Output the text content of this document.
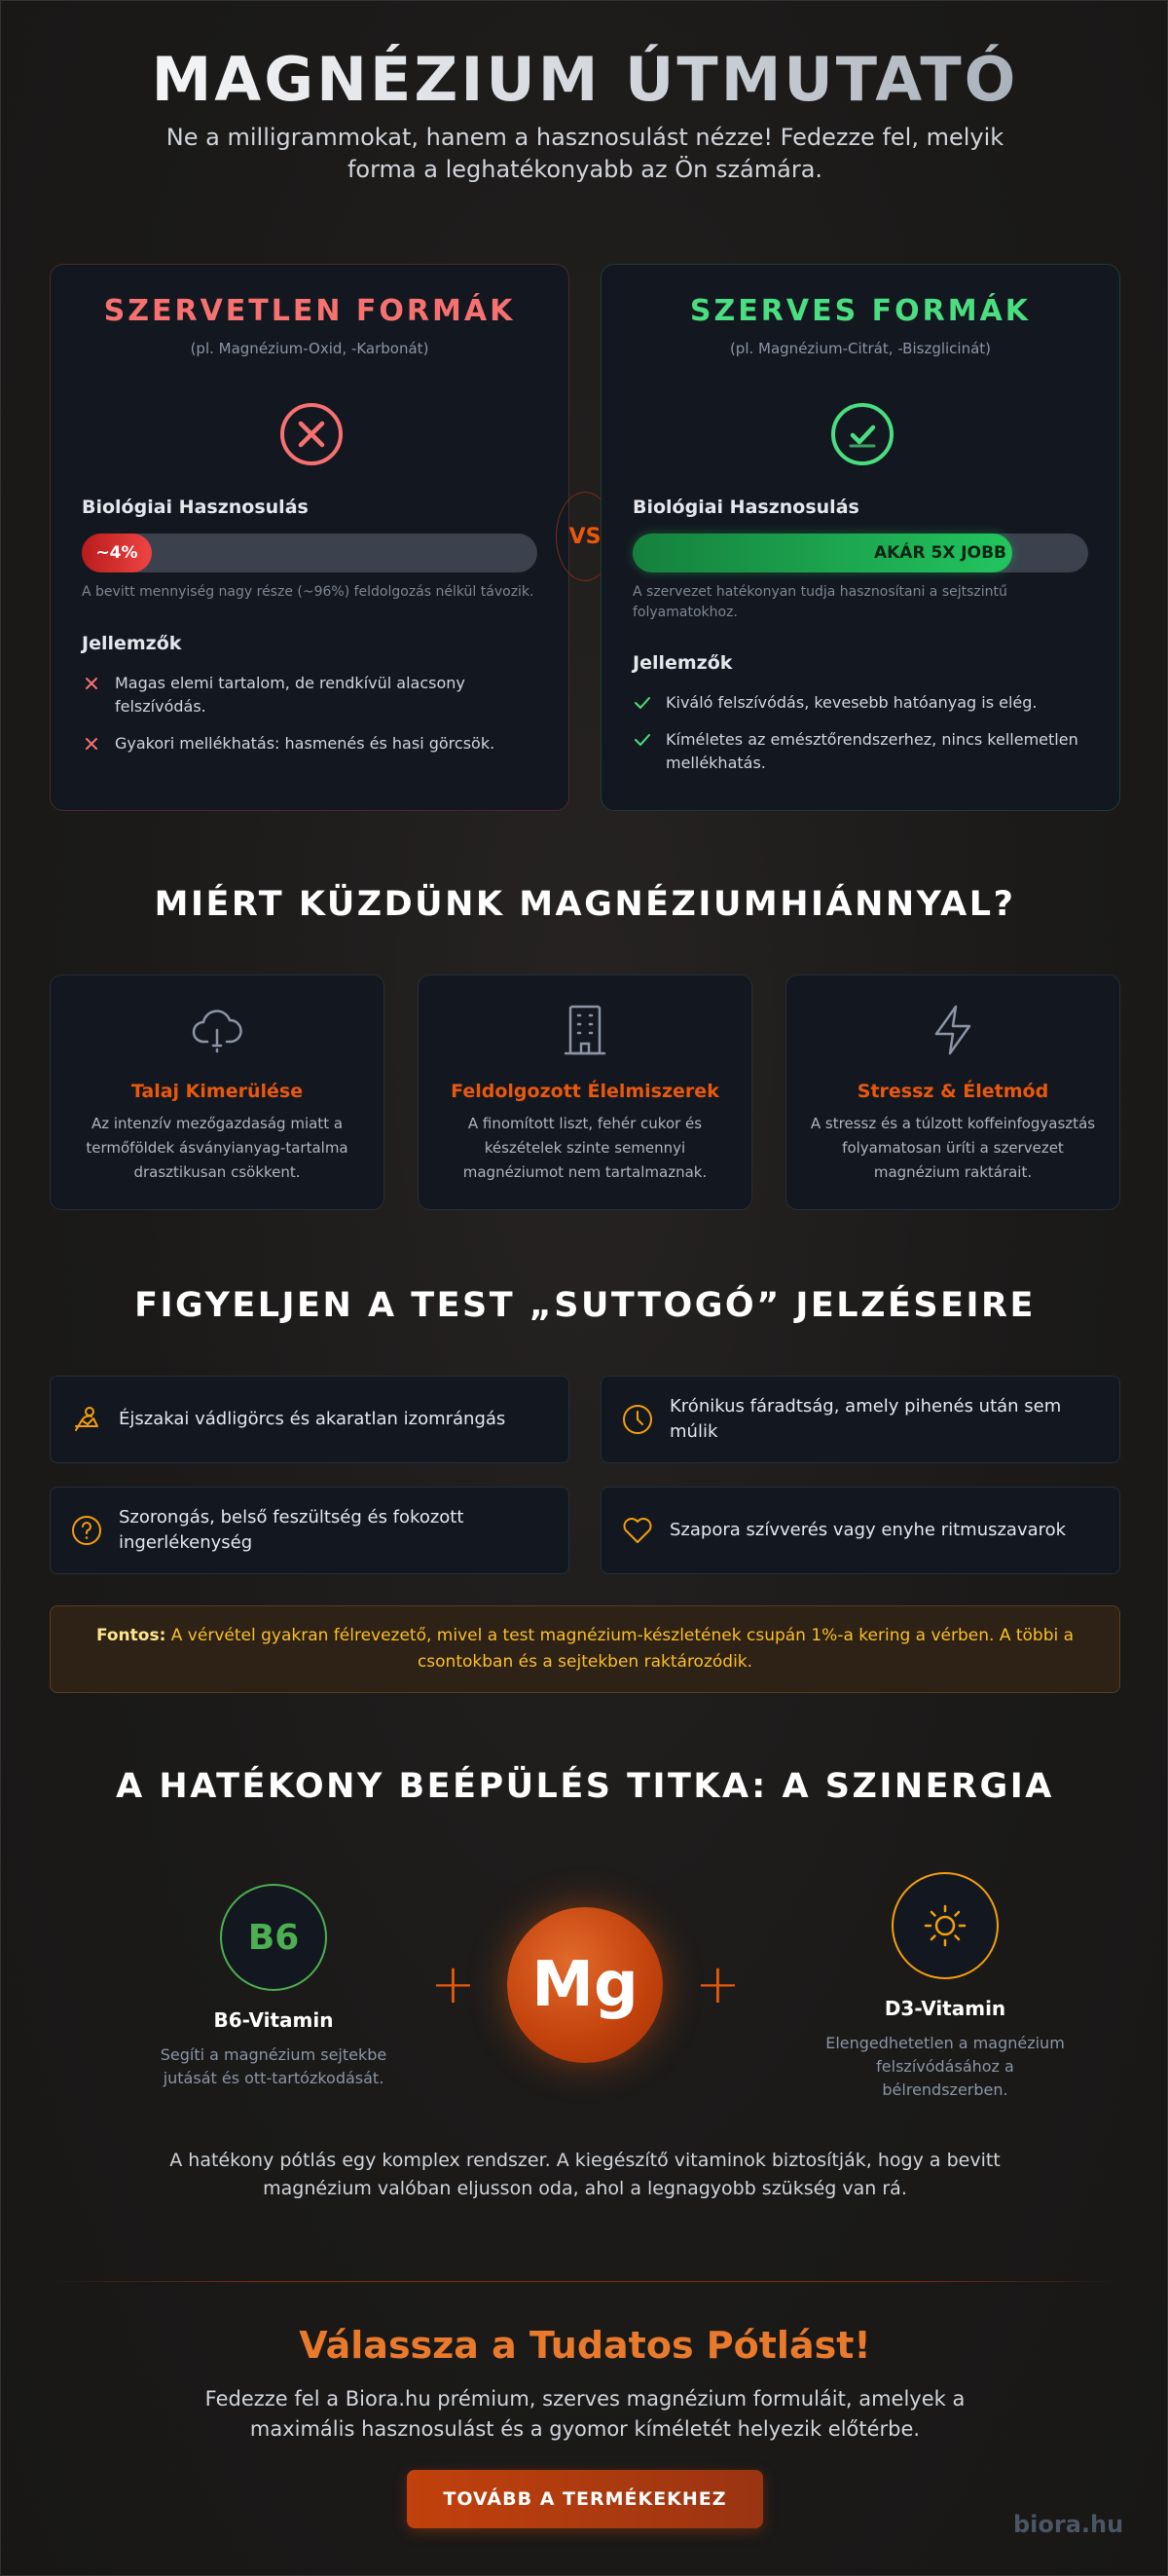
MAGNÉZIUM ÚTMUTATÓ

Ne a milligrammokat, hanem a hasznosulást nézze! Fedezze fel, melyik forma a leghatékonyabb az Ön számára.

SZERVETLEN FORMÁK
(pl. Magnézium-Oxid, -Karbonát)
Biológiai Hasznosulás
~4%
A bevitt mennyiség nagy része (~96%) feldolgozás nélkül távozik.
Jellemzők
Magas elemi tartalom, de rendkívül alacsony felszívódás.
Gyakori mellékhatás: hasmenés és hasi görcsök.
VS
SZERVES FORMÁK
(pl. Magnézium-Citrát, -Biszglicinát)
Biológiai Hasznosulás
AKÁR 5X JOBB
A szervezet hatékonyan tudja hasznosítani a sejtszintű folyamatokhoz.
Jellemzők
Kiváló felszívódás, kevesebb hatóanyag is elég.
Kíméletes az emésztőrendszerhez, nincs kellemetlen mellékhatás.
MIÉRT KÜZDÜNK MAGNÉZIUMHIÁNNYAL?
Talaj Kimerülése

Az intenzív mezőgazdaság miatt a termőföldek ásványianyag-tartalma drasztikusan csökkent.

Feldolgozott Élelmiszerek

A finomított liszt, fehér cukor és készételek szinte semennyi magnéziumot nem tartalmaznak.

Stressz & Életmód

A stressz és a túlzott koffeinfogyasztás folyamatosan üríti a szervezet magnézium raktárait.

FIGYELJEN A TEST „SUTTOGÓ” JELZÉSEIRE
Éjszakai vádligörcs és akaratlan izomrángás
Krónikus fáradtság, amely pihenés után sem múlik
Szorongás, belső feszültség és fokozott ingerlékenység
Szapora szívverés vagy enyhe ritmuszavarok

Fontos: A vérvétel gyakran félrevezető, mivel a test magnézium-készletének csupán 1%-a kering a vérben. A többi a csontokban és a sejtekben raktározódik.

A HATÉKONY BEÉPÜLÉS TITKA: A SZINERGIA
B6
B6-Vitamin
Segíti a magnézium sejtekbe jutását és ott-tartózkodását.
+ Mg	+	D3-Vitamin
Elengedhetetlen a magnézium felszívódásához a bélrendszerben.

A hatékony pótlás egy komplex rendszer. A kiegészítő vitaminok biztosítják, hogy a bevitt magnézium valóban eljusson oda, ahol a legnagyobb szükség van rá.

Válassza a Tudatos Pótlást!

Fedezze fel a Biora.hu prémium, szerves magnézium formuláit, amelyek a maximális hasznosulást és a gyomor kíméletét helyezik előtérbe.

TOVÁBB A TERMÉKEKHEZ
biora.hu
